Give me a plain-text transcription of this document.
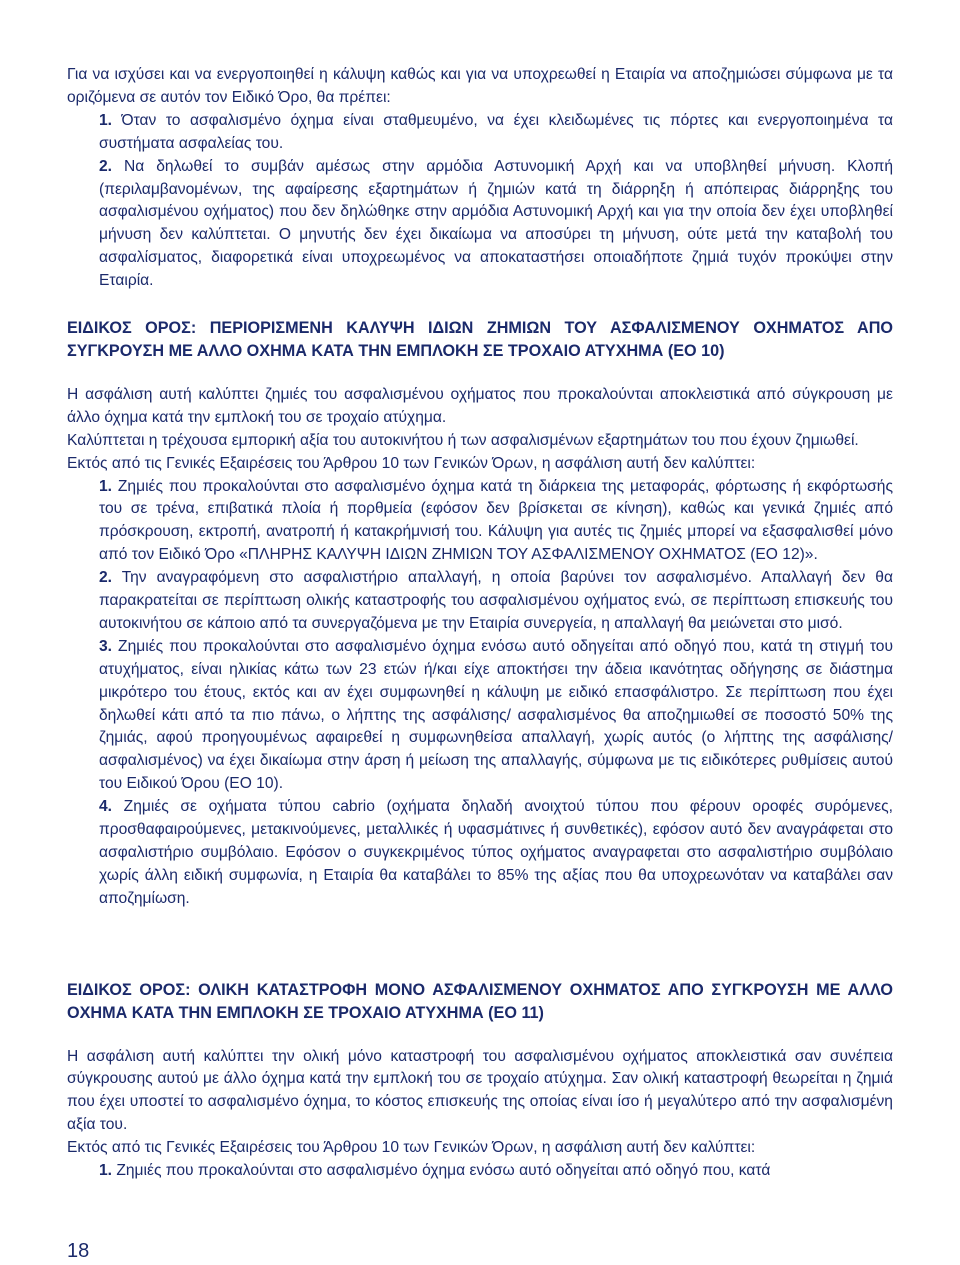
Για να ισχύσει και να ενεργοποιηθεί η κάλυψη καθώς και για να υποχρεωθεί η Εταιρία να αποζημιώσει σύμφωνα με τα οριζόμενα σε αυτόν τον Ειδικό Όρο, θα πρέπει:

1. Όταν το ασφαλισμένο όχημα είναι σταθμευμένο, να έχει κλειδωμένες τις πόρτες και ενεργοποιημένα τα συστήματα ασφαλείας του.

2. Να δηλωθεί το συμβάν αμέσως στην αρμόδια Αστυνομική Αρχή και να υποβληθεί μήνυση. Κλοπή (περιλαμβανομένων, της αφαίρεσης εξαρτημάτων ή ζημιών κατά τη διάρρηξη ή απόπειρας διάρρηξης του ασφαλισμένου οχήματος) που δεν δηλώθηκε στην αρμόδια Αστυνομική Αρχή και για την οποία δεν έχει υποβληθεί μήνυση δεν καλύπτεται. Ο μηνυτής δεν έχει δικαίωμα να αποσύρει τη μήνυση, ούτε μετά την καταβολή του ασφαλίσματος, διαφορετικά είναι υποχρεωμένος να αποκαταστήσει οποιαδήποτε ζημιά τυχόν προκύψει στην Εταιρία.

ΕΙΔΙΚΟΣ ΟΡΟΣ: ΠΕΡΙΟΡΙΣΜΕΝΗ ΚΑΛΥΨΗ ΙΔΙΩΝ ΖΗΜΙΩΝ ΤΟΥ ΑΣΦΑΛΙΣΜΕΝΟΥ ΟΧΗΜΑΤΟΣ ΑΠΟ ΣΥΓΚΡΟΥΣΗ ΜΕ ΑΛΛΟ ΟΧΗΜΑ ΚΑΤΑ ΤΗΝ ΕΜΠΛΟΚΗ ΣΕ ΤΡΟΧΑΙΟ ΑΤΥΧΗΜΑ (ΕΟ 10)

Η ασφάλιση αυτή καλύπτει ζημιές του ασφαλισμένου οχήματος που προκαλούνται αποκλειστικά από σύγκρουση με άλλο όχημα κατά την εμπλοκή του σε τροχαίο ατύχημα.

Καλύπτεται η τρέχουσα εμπορική αξία του αυτοκινήτου ή των ασφαλισμένων εξαρτημάτων του που έχουν ζημιωθεί.

Εκτός από τις Γενικές Εξαιρέσεις του Άρθρου 10 των Γενικών Όρων, η ασφάλιση αυτή δεν καλύπτει:

1. Ζημιές που προκαλούνται στο ασφαλισμένο όχημα κατά τη διάρκεια της μεταφοράς, φόρτωσης ή εκφόρτωσής του σε τρένα, επιβατικά πλοία ή πορθμεία (εφόσον δεν βρίσκεται σε κίνηση), καθώς και γενικά ζημιές από πρόσκρουση, εκτροπή, ανατροπή ή κατακρήμνισή του. Κάλυψη για αυτές τις ζημιές μπορεί να εξασφαλισθεί μόνο από τον Ειδικό Όρο «ΠΛΗΡΗΣ ΚΑΛΥΨΗ ΙΔΙΩΝ ΖΗΜΙΩΝ ΤΟΥ ΑΣΦΑΛΙΣΜΕΝΟΥ ΟΧΗΜΑΤΟΣ (ΕΟ 12)».

2. Την αναγραφόμενη στο ασφαλιστήριο απαλλαγή, η οποία βαρύνει τον ασφαλισμένο. Απαλλαγή δεν θα παρακρατείται σε περίπτωση ολικής καταστροφής του ασφαλισμένου οχήματος ενώ, σε περίπτωση επισκευής του αυτοκινήτου σε κάποιο από τα συνεργαζόμενα με την Εταιρία συνεργεία, η απαλλαγή θα μειώνεται στο μισό.

3. Ζημιές που προκαλούνται στο ασφαλισμένο όχημα ενόσω αυτό οδηγείται από οδηγό που, κατά τη στιγμή του ατυχήματος, είναι ηλικίας κάτω των 23 ετών ή/και είχε αποκτήσει την άδεια ικανότητας οδήγησης σε διάστημα μικρότερο του έτους, εκτός και αν έχει συμφωνηθεί η κάλυψη με ειδικό επασφάλιστρο. Σε περίπτωση που έχει δηλωθεί κάτι από τα πιο πάνω, ο λήπτης της ασφάλισης/ ασφαλισμένος θα αποζημιωθεί σε ποσοστό 50% της ζημιάς, αφού προηγουμένως αφαιρεθεί η συμφωνηθείσα απαλλαγή, χωρίς αυτός (ο λήπτης της ασφάλισης/ασφαλισμένος) να έχει δικαίωμα στην άρση ή μείωση της απαλλαγής, σύμφωνα με τις ειδικότερες ρυθμίσεις αυτού του Ειδικού Όρου (ΕΟ 10).

4. Ζημιές σε οχήματα τύπου cabrio (οχήματα δηλαδή ανοιχτού τύπου που φέρουν οροφές συρόμενες, προσθαφαιρούμενες, μετακινούμενες, μεταλλικές ή υφασμάτινες ή συνθετικές), εφόσον αυτό δεν αναγράφεται στο ασφαλιστήριο συμβόλαιο. Εφόσον ο συγκεκριμένος τύπος οχήματος αναγραφεται στο ασφαλιστήριο συμβόλαιο χωρίς άλλη ειδική συμφωνία, η Εταιρία θα καταβάλει το 85% της αξίας που θα υποχρεωνόταν να καταβάλει σαν αποζημίωση.

ΕΙΔΙΚΟΣ ΟΡΟΣ: ΟΛΙΚΗ ΚΑΤΑΣΤΡΟΦΗ ΜΟΝΟ ΑΣΦΑΛΙΣΜΕΝΟΥ ΟΧΗΜΑΤΟΣ ΑΠΟ ΣΥΓΚΡΟΥΣΗ ΜΕ ΑΛΛΟ ΟΧΗΜΑ ΚΑΤΑ ΤΗΝ ΕΜΠΛΟΚΗ ΣΕ ΤΡΟΧΑΙΟ ΑΤΥΧΗΜΑ (ΕΟ 11)

Η ασφάλιση αυτή καλύπτει την ολική μόνο καταστροφή του ασφαλισμένου οχήματος αποκλειστικά σαν συνέπεια σύγκρουσης αυτού με άλλο όχημα κατά την εμπλοκή του σε τροχαίο ατύχημα. Σαν ολική καταστροφή θεωρείται η ζημιά που έχει υποστεί το ασφαλισμένο όχημα, το κόστος επισκευής της οποίας είναι ίσο ή μεγαλύτερο από την ασφαλισμένη αξία του.

Εκτός από τις Γενικές Εξαιρέσεις του Άρθρου 10 των Γενικών Όρων, η ασφάλιση αυτή δεν καλύπτει:

1. Ζημιές που προκαλούνται στο ασφαλισμένο όχημα ενόσω αυτό οδηγείται από οδηγό που, κατά

18
